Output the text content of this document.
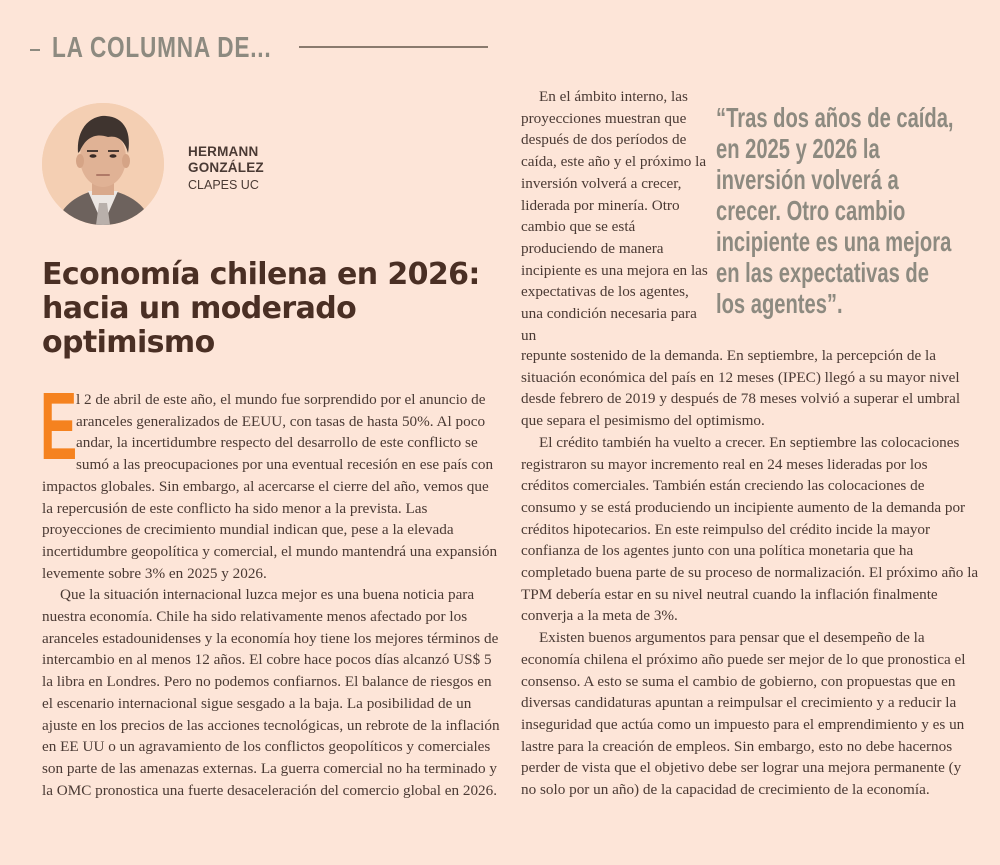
LA COLUMNA DE...
HERMANN
GONZÁLEZ
CLAPES UC
Economía chilena en 2026: hacia un moderado optimismo
E

l 2 de abril de este año, el mundo fue sorprendido por el anuncio de aranceles generalizados de EEUU, con tasas de hasta 50%. Al poco andar, la incertidumbre respecto del desarrollo de este conflicto se sumó a las preocupaciones por una eventual recesión en ese país con impactos globales. Sin embargo, al acercarse el cierre del año, vemos que la repercusión de este conflicto ha sido menor a la prevista. Las proyecciones de crecimiento mundial indican que, pese a la elevada incertidumbre geopolítica y comercial, el mundo mantendrá una expansión levemente sobre 3% en 2025 y 2026.

Que la situación internacional luzca mejor es una buena noticia para nuestra economía. Chile ha sido relativamente menos afectado por los aranceles estadounidenses y la economía hoy tiene los mejores términos de intercambio en al menos 12 años. El cobre hace pocos días alcanzó US$ 5 la libra en Londres. Pero no podemos confiarnos. El balance de riesgos en el escenario internacional sigue sesgado a la baja. La posibilidad de un ajuste en los precios de las acciones tecnológicas, un rebrote de la inflación en EE UU o un agravamiento de los conflictos geopolíticos y comerciales son parte de las amenazas externas. La guerra comercial no ha terminado y la OMC pronostica una fuerte desaceleración del comercio global en 2026.

En el ámbito interno, las proyecciones muestran que después de dos períodos de caída, este año y el próximo la inversión volverá a crecer, liderada por minería. Otro cambio que se está produciendo de manera incipiente es una mejora en las expectativas de los agentes, una condición necesaria para un

“Tras dos años de caída, en 2025 y 2026 la inversión volverá a crecer. Otro cambio incipiente es una mejora en las expectativas de los agentes”.

repunte sostenido de la demanda. En septiembre, la percepción de la situación económica del país en 12 meses (IPEC) llegó a su mayor nivel desde febrero de 2019 y después de 78 meses volvió a superar el umbral que separa el pesimismo del optimismo.

El crédito también ha vuelto a crecer. En septiembre las colocaciones registraron su mayor incremento real en 24 meses lideradas por los créditos comerciales. También están creciendo las colocaciones de consumo y se está produciendo un incipiente aumento de la demanda por créditos hipotecarios. En este reimpulso del crédito incide la mayor confianza de los agentes junto con una política monetaria que ha completado buena parte de su proceso de normalización. El próximo año la TPM debería estar en su nivel neutral cuando la inflación finalmente converja a la meta de 3%.

Existen buenos argumentos para pensar que el desempeño de la economía chilena el próximo año puede ser mejor de lo que pronostica el consenso. A esto se suma el cambio de gobierno, con propuestas que en diversas candidaturas apuntan a reimpulsar el crecimiento y a reducir la inseguridad que actúa como un impuesto para el emprendimiento y es un lastre para la creación de empleos. Sin embargo, esto no debe hacernos perder de vista que el objetivo debe ser lograr una mejora permanente (y no solo por un año) de la capacidad de crecimiento de la economía.
